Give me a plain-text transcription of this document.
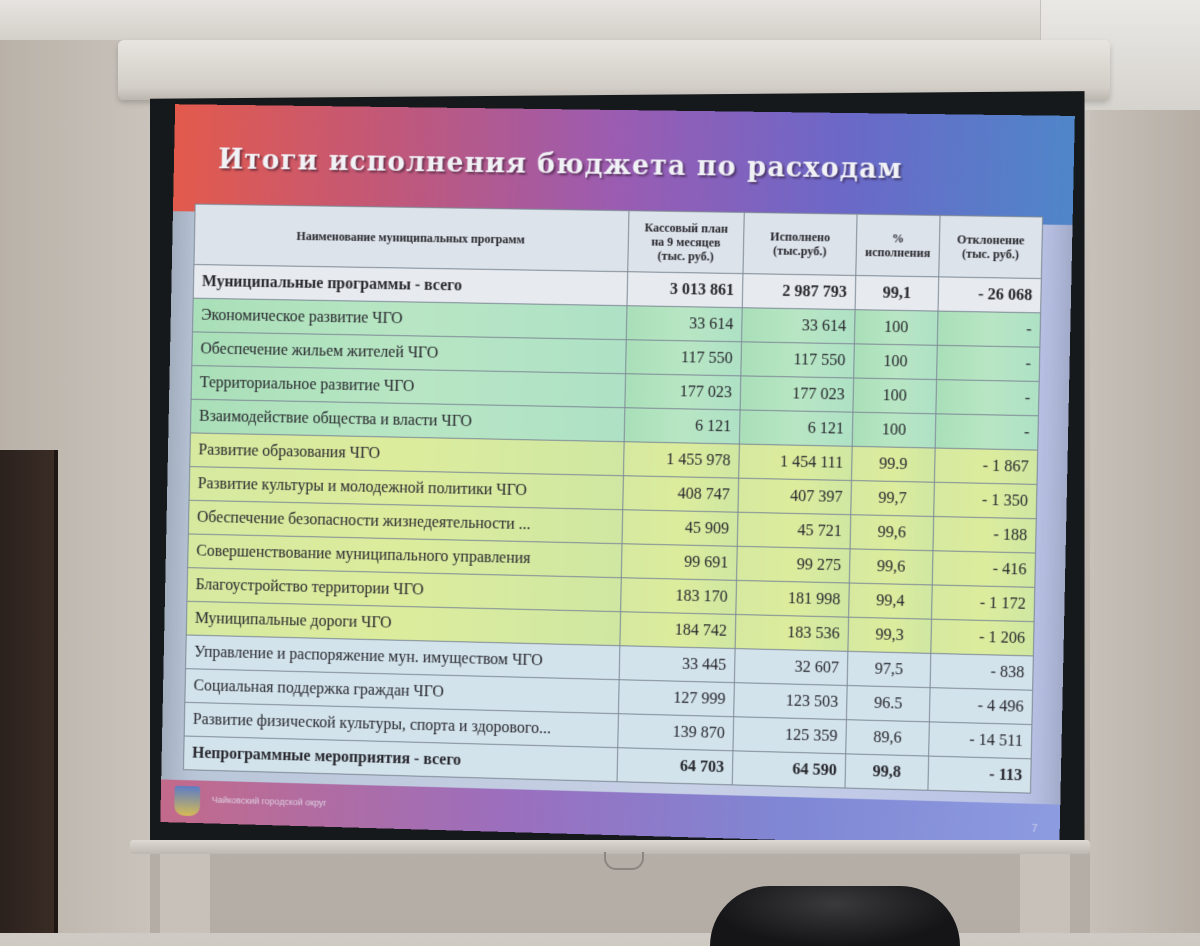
Итоги исполнения бюджета по расходам
Наименование муниципальных программ	Кассовый план на 9 месяцев (тыс. руб.)	Исполнено (тыс.руб.)	% исполнения	Отклонение (тыс. руб.)
Муниципальные программы - всего	3 013 861	2 987 793	99,1	- 26 068
Экономическое развитие ЧГО	33 614	33 614	100	-
Обеспечение жильем жителей ЧГО	117 550	117 550	100	-
Территориальное развитие ЧГО	177 023	177 023	100	-
Взаимодействие общества и власти ЧГО	6 121	6 121	100	-
Развитие образования ЧГО	1 455 978	1 454 111	99.9	- 1 867
Развитие культуры и молодежной политики ЧГО	408 747	407 397	99,7	- 1 350
Обеспечение безопасности жизнедеятельности ...	45 909	45 721	99,6	- 188
Совершенствование муниципального управления	99 691	99 275	99,6	- 416
Благоустройство территории ЧГО	183 170	181 998	99,4	- 1 172
Муниципальные дороги ЧГО	184 742	183 536	99,3	- 1 206
Управление и распоряжение мун. имуществом ЧГО	33 445	32 607	97,5	- 838
Социальная поддержка граждан ЧГО	127 999	123 503	96.5	- 4 496
Развитие физической культуры, спорта и здорового...	139 870	125 359	89,6	- 14 511
Непрограммные мероприятия - всего	64 703	64 590	99,8	- 113
Чайковский городской округ
7
